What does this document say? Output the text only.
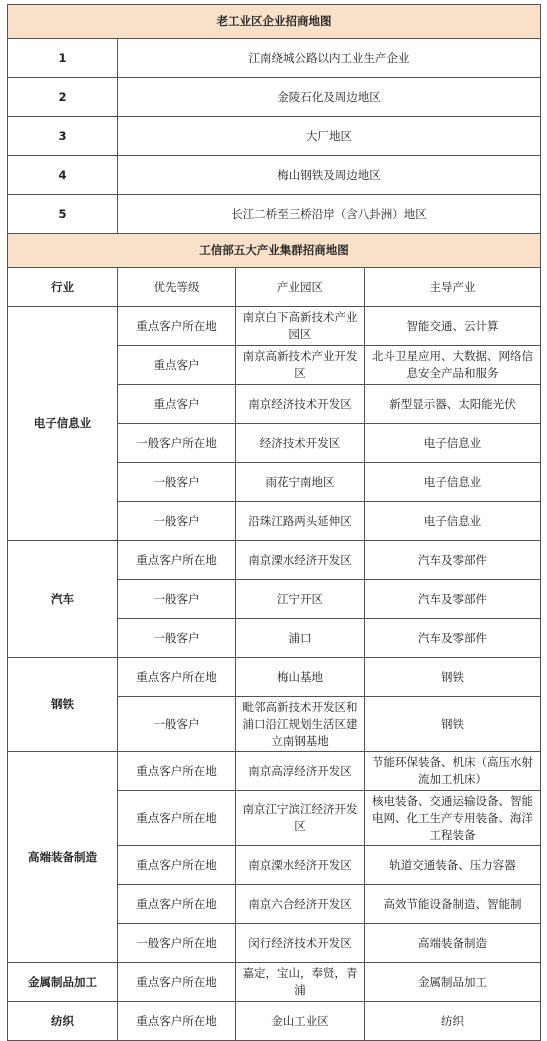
老工业区企业招商地图			
1	江南绕城公路以内工业生产企业		
2	金陵石化及周边地区		
3	大厂地区		
4	梅山钢铁及周边地区		
5	长江二桥至三桥沿岸（含八卦洲）地区		
工信部五大产业集群招商地图			
行业	优先等级	产业园区	主导产业
电子信息业	重点客户所在地	南京白下高新技术产业园区	智能交通、云计算
	重点客户	南京高新技术产业开发区	北斗卫星应用、大数据、网络信息安全产品和服务
	重点客户	南京经济技术开发区	新型显示器、太阳能光伏
	一般客户所在地	经济技术开发区	电子信息业
	一般客户	雨花宁南地区	电子信息业
	一般客户	沿珠江路两头延伸区	电子信息业
汽车	重点客户所在地	南京溧水经济开发区	汽车及零部件
	一般客户	江宁开区	汽车及零部件
	一般客户	浦口	汽车及零部件
钢铁	重点客户所在地	梅山基地	钢铁
	一般客户	毗邻高新技术开发区和浦口沿江规划生活区建立南钢基地	钢铁
高端装备制造	重点客户所在地	南京高淳经济开发区	节能环保装备、机床（高压水射流加工机床）
	重点客户所在地	南京江宁滨江经济开发区	核电装备、交通运输设备、智能电网、化工生产专用装备、海洋工程装备
	重点客户所在地	南京溧水经济开发区	轨道交通装备、压力容器
	重点客户所在地	南京六合经济开发区	高效节能设备制造、智能制
	一般客户所在地	闵行经济技术开发区	高端装备制造
金属制品加工	重点客户所在地	嘉定，宝山，奉贤，青浦	金属制品加工
纺织	重点客户所在地	金山工业区	纺织
